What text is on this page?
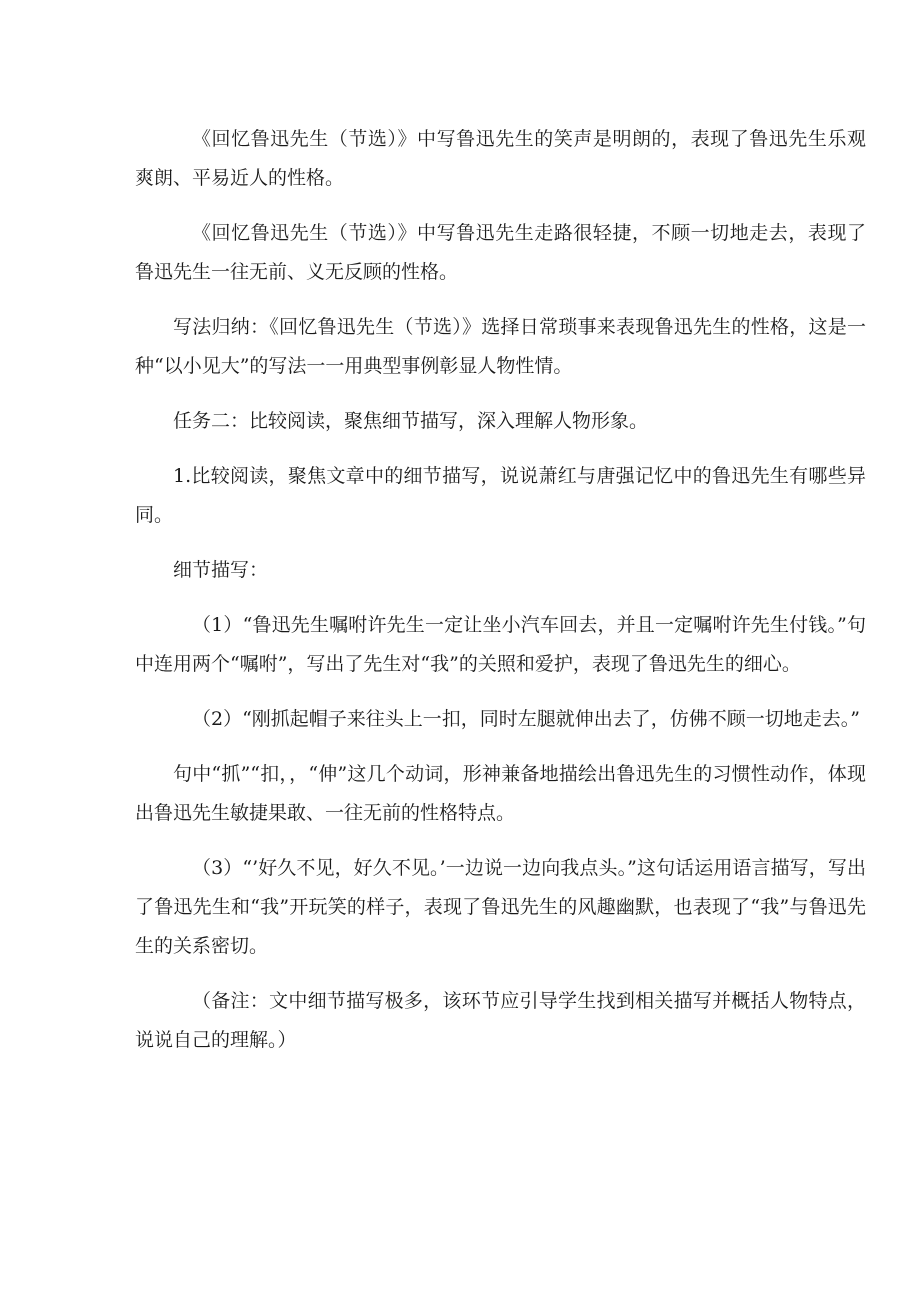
《回忆鲁迅先生（节选）》中写鲁迅先生的笑声是明朗的，表现了鲁迅先生乐观爽朗、平易近人的性格。

《回忆鲁迅先生（节选）》中写鲁迅先生走路很轻捷，不顾一切地走去，表现了鲁迅先生一往无前、义无反顾的性格。

写法归纳：《回忆鲁迅先生（节选）》选择日常琐事来表现鲁迅先生的性格，这是一种“以小见大”的写法一一用典型事例彰显人物性情。

任务二：比较阅读，聚焦细节描写，深入理解人物形象。

1.比较阅读，聚焦文章中的细节描写，说说萧红与唐强记忆中的鲁迅先生有哪些异同。

细节描写：

（1）“鲁迅先生嘱咐许先生一定让坐小汽车回去，并且一定嘱咐许先生付钱。”句中连用两个“嘱咐”，写出了先生对“我”的关照和爱护，表现了鲁迅先生的细心。

（2）“刚抓起帽子来往头上一扣，同时左腿就伸出去了，仿佛不顾一切地走去。”

句中“抓”“扣，，“伸”这几个动词，形神兼备地描绘出鲁迅先生的习惯性动作，体现出鲁迅先生敏捷果敢、一往无前的性格特点。

（3）“’好久不见，好久不见。’一边说一边向我点头。”这句话运用语言描写，写出了鲁迅先生和“我”开玩笑的样子，表现了鲁迅先生的风趣幽默，也表现了“我”与鲁迅先生的关系密切。

（备注：文中细节描写极多，该环节应引导学生找到相关描写并概括人物特点，说说自己的理解。）
